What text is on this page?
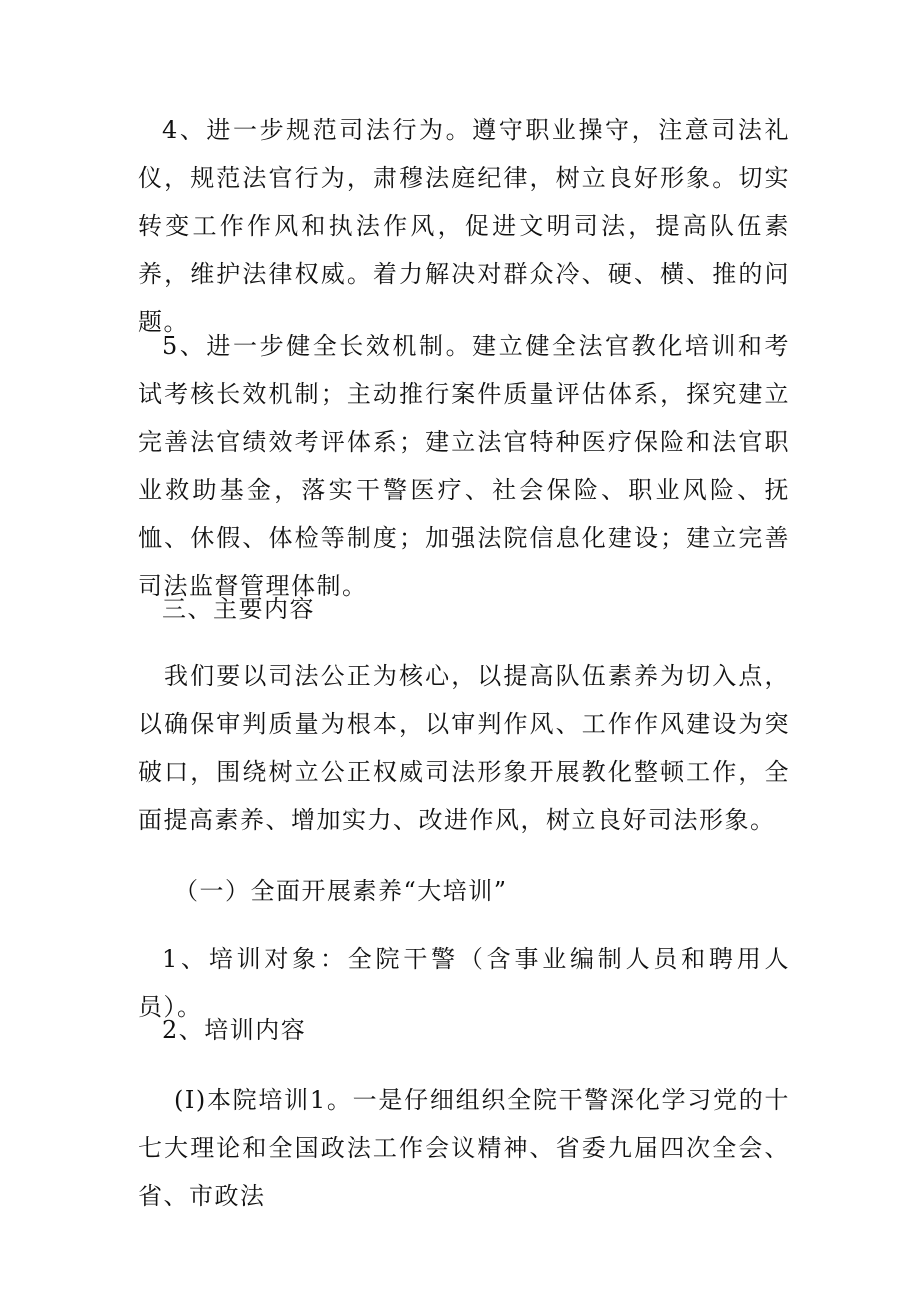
4、进一步规范司法行为。遵守职业操守，注意司法礼仪，规范法官行为，肃穆法庭纪律，树立良好形象。切实转变工作作风和执法作风，促进文明司法，提高队伍素养，维护法律权威。着力解决对群众冷、硬、横、推的问题。

5、进一步健全长效机制。建立健全法官教化培训和考试考核长效机制；主动推行案件质量评估体系，探究建立完善法官绩效考评体系；建立法官特种医疗保险和法官职业救助基金，落实干警医疗、社会保险、职业风险、抚恤、休假、体检等制度；加强法院信息化建设；建立完善司法监督管理体制。

三、主要内容

我们要以司法公正为核心，以提高队伍素养为切入点，以确保审判质量为根本，以审判作风、工作作风建设为突破口，围绕树立公正权威司法形象开展教化整顿工作，全面提高素养、增加实力、改进作风，树立良好司法形象。

（一）全面开展素养“大培训”

1、培训对象：全院干警（含事业编制人员和聘用人员）。

2、培训内容

(I)本院培训1。一是仔细组织全院干警深化学习党的十七大理论和全国政法工作会议精神、省委九届四次全会、省、市政法
